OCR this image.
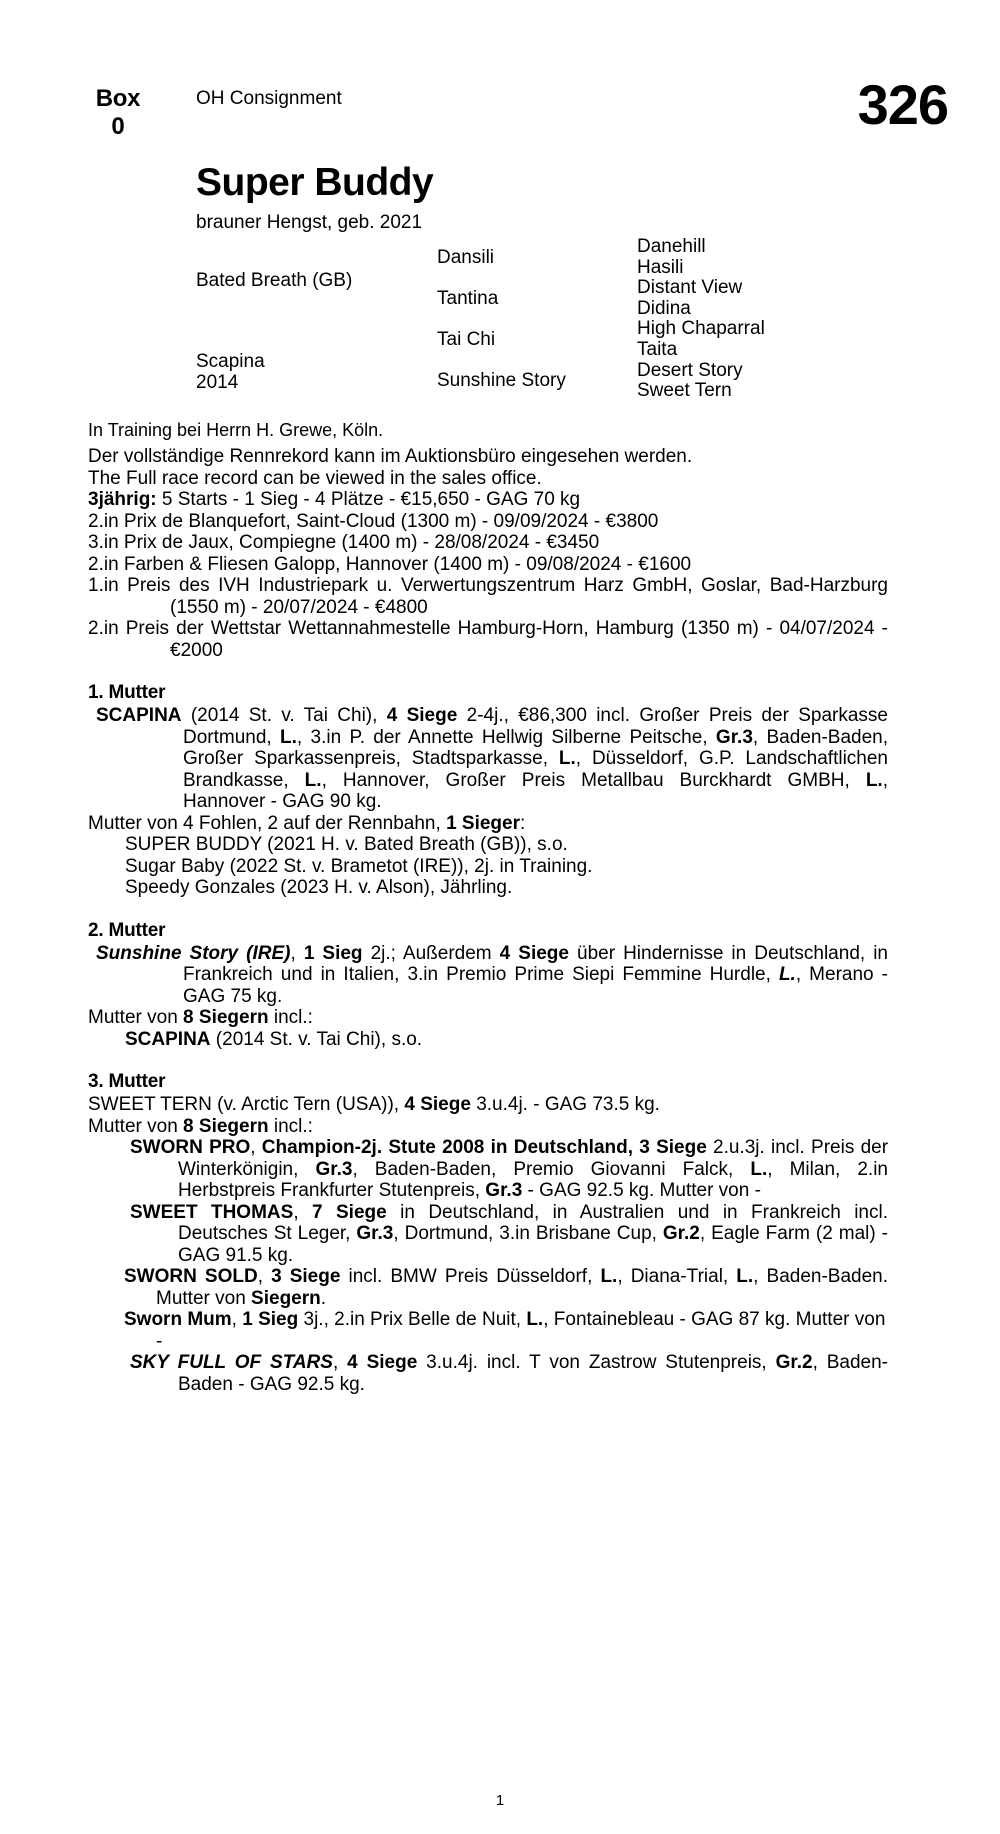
Box
0
OH Consignment	326
Super Buddy
brauner Hengst, geb. 2021
Bated Breath (GB)
Scapina
2014
Dansili
Tantina
Tai Chi
Sunshine Story
Danehill
Hasili
Distant View
Didina
High Chaparral
Taita
Desert Story
Sweet Tern
In Training bei Herrn H. Grewe, Köln.
Der vollständige Rennrekord kann im Auktionsbüro eingesehen werden.
The Full race record can be viewed in the sales office.
3jährig: 5 Starts - 1 Sieg - 4 Plätze - €15,650 - GAG 70 kg
2.in Prix de Blanquefort, Saint-Cloud (1300 m) - 09/09/2024 - €3800
3.in Prix de Jaux, Compiegne (1400 m) - 28/08/2024 - €3450
2.in Farben & Fliesen Galopp, Hannover (1400 m) - 09/08/2024 - €1600
1.in Preis des IVH Industriepark u. Verwertungszentrum Harz GmbH, Goslar, Bad-Harzburg (1550 m) - 20/07/2024 - €4800
2.in Preis der Wettstar Wettannahmestelle Hamburg-Horn, Hamburg (1350 m) - 04/07/2024 - €2000
1. Mutter
SCAPINA (2014 St. v. Tai Chi), 4 Siege 2-4j., €86,300 incl. Großer Preis der Sparkasse Dortmund, L., 3.in P. der Annette Hellwig Silberne Peitsche, Gr.3, Baden-Baden, Großer Sparkassenpreis, Stadtsparkasse, L., Düsseldorf, G.P. Landschaftlichen Brandkasse, L., Hannover, Großer Preis Metallbau Burckhardt GMBH, L., Hannover - GAG 90 kg.
Mutter von 4 Fohlen, 2 auf der Rennbahn, 1 Sieger:
SUPER BUDDY (2021 H. v. Bated Breath (GB)), s.o.
Sugar Baby (2022 St. v. Brametot (IRE)), 2j. in Training.
Speedy Gonzales (2023 H. v. Alson), Jährling.
2. Mutter
Sunshine Story (IRE), 1 Sieg 2j.; Außerdem 4 Siege über Hindernisse in Deutschland, in Frankreich und in Italien, 3.in Premio Prime Siepi Femmine Hurdle, L., Merano - GAG 75 kg.
Mutter von 8 Siegern incl.:
SCAPINA (2014 St. v. Tai Chi), s.o.
3. Mutter
SWEET TERN (v. Arctic Tern (USA)), 4 Siege 3.u.4j. - GAG 73.5 kg.
Mutter von 8 Siegern incl.:
SWORN PRO, Champion-2j. Stute 2008 in Deutschland, 3 Siege 2.u.3j. incl. Preis der Winterkönigin, Gr.3, Baden-Baden, Premio Giovanni Falck, L., Milan, 2.in Herbstpreis Frankfurter Stutenpreis, Gr.3 - GAG 92.5 kg. Mutter von -
SWEET THOMAS, 7 Siege in Deutschland, in Australien und in Frankreich incl. Deutsches St Leger, Gr.3, Dortmund, 3.in Brisbane Cup, Gr.2, Eagle Farm (2 mal) - GAG 91.5 kg.
SWORN SOLD, 3 Siege incl. BMW Preis Düsseldorf, L., Diana-Trial, L., Baden-Baden. Mutter von Siegern.
Sworn Mum, 1 Sieg 3j., 2.in Prix Belle de Nuit, L., Fontainebleau - GAG 87 kg. Mutter von -
SKY FULL OF STARS, 4 Siege 3.u.4j. incl. T von Zastrow Stutenpreis, Gr.2, Baden-Baden - GAG 92.5 kg.
1
